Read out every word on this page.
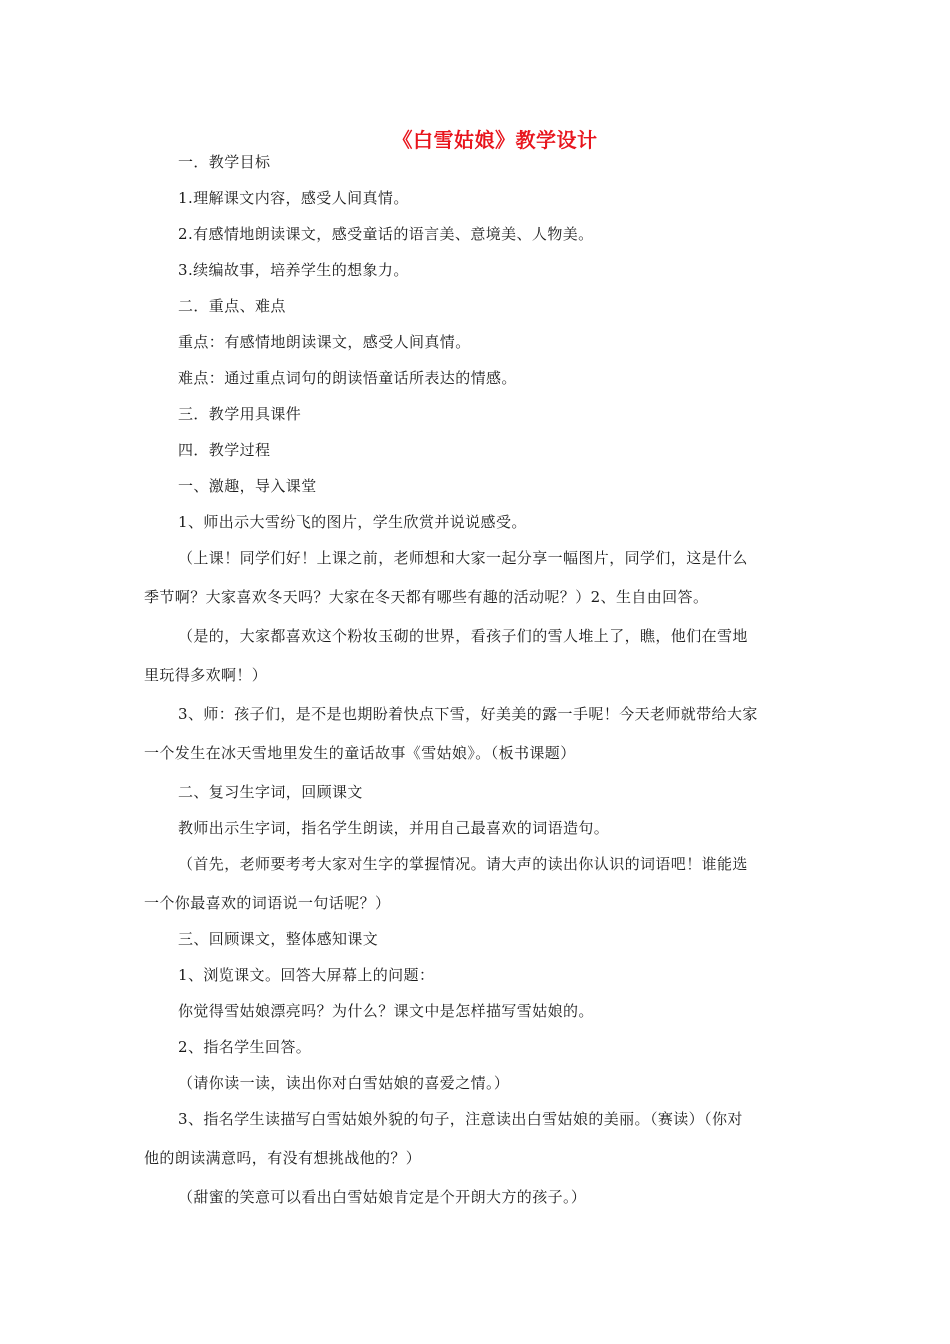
《白雪姑娘》教学设计
一．教学目标
1.理解课文内容，感受人间真情。
2.有感情地朗读课文，感受童话的语言美、意境美、人物美。
3.续编故事，培养学生的想象力。
二．重点、难点
重点：有感情地朗读课文，感受人间真情。
难点：通过重点词句的朗读悟童话所表达的情感。
三．教学用具课件
四．教学过程
一、激趣，导入课堂
1、师出示大雪纷飞的图片，学生欣赏并说说感受。
（上课！同学们好！上课之前，老师想和大家一起分享一幅图片，同学们，这是什么
季节啊？大家喜欢冬天吗？大家在冬天都有哪些有趣的活动呢？）2、生自由回答。
（是的，大家都喜欢这个粉妆玉砌的世界，看孩子们的雪人堆上了，瞧，他们在雪地
里玩得多欢啊！）
3、师：孩子们，是不是也期盼着快点下雪，好美美的露一手呢！今天老师就带给大家
一个发生在冰天雪地里发生的童话故事《雪姑娘》。（板书课题）
二、复习生字词，回顾课文
教师出示生字词，指名学生朗读，并用自己最喜欢的词语造句。
（首先，老师要考考大家对生字的掌握情况。请大声的读出你认识的词语吧！谁能选
一个你最喜欢的词语说一句话呢？）
三、回顾课文，整体感知课文
1、浏览课文。回答大屏幕上的问题：
你觉得雪姑娘漂亮吗？为什么？课文中是怎样描写雪姑娘的。
2、指名学生回答。
（请你读一读，读出你对白雪姑娘的喜爱之情。）
3、指名学生读描写白雪姑娘外貌的句子，注意读出白雪姑娘的美丽。（赛读）（你对
他的朗读满意吗，有没有想挑战他的？）
（甜蜜的笑意可以看出白雪姑娘肯定是个开朗大方的孩子。）
